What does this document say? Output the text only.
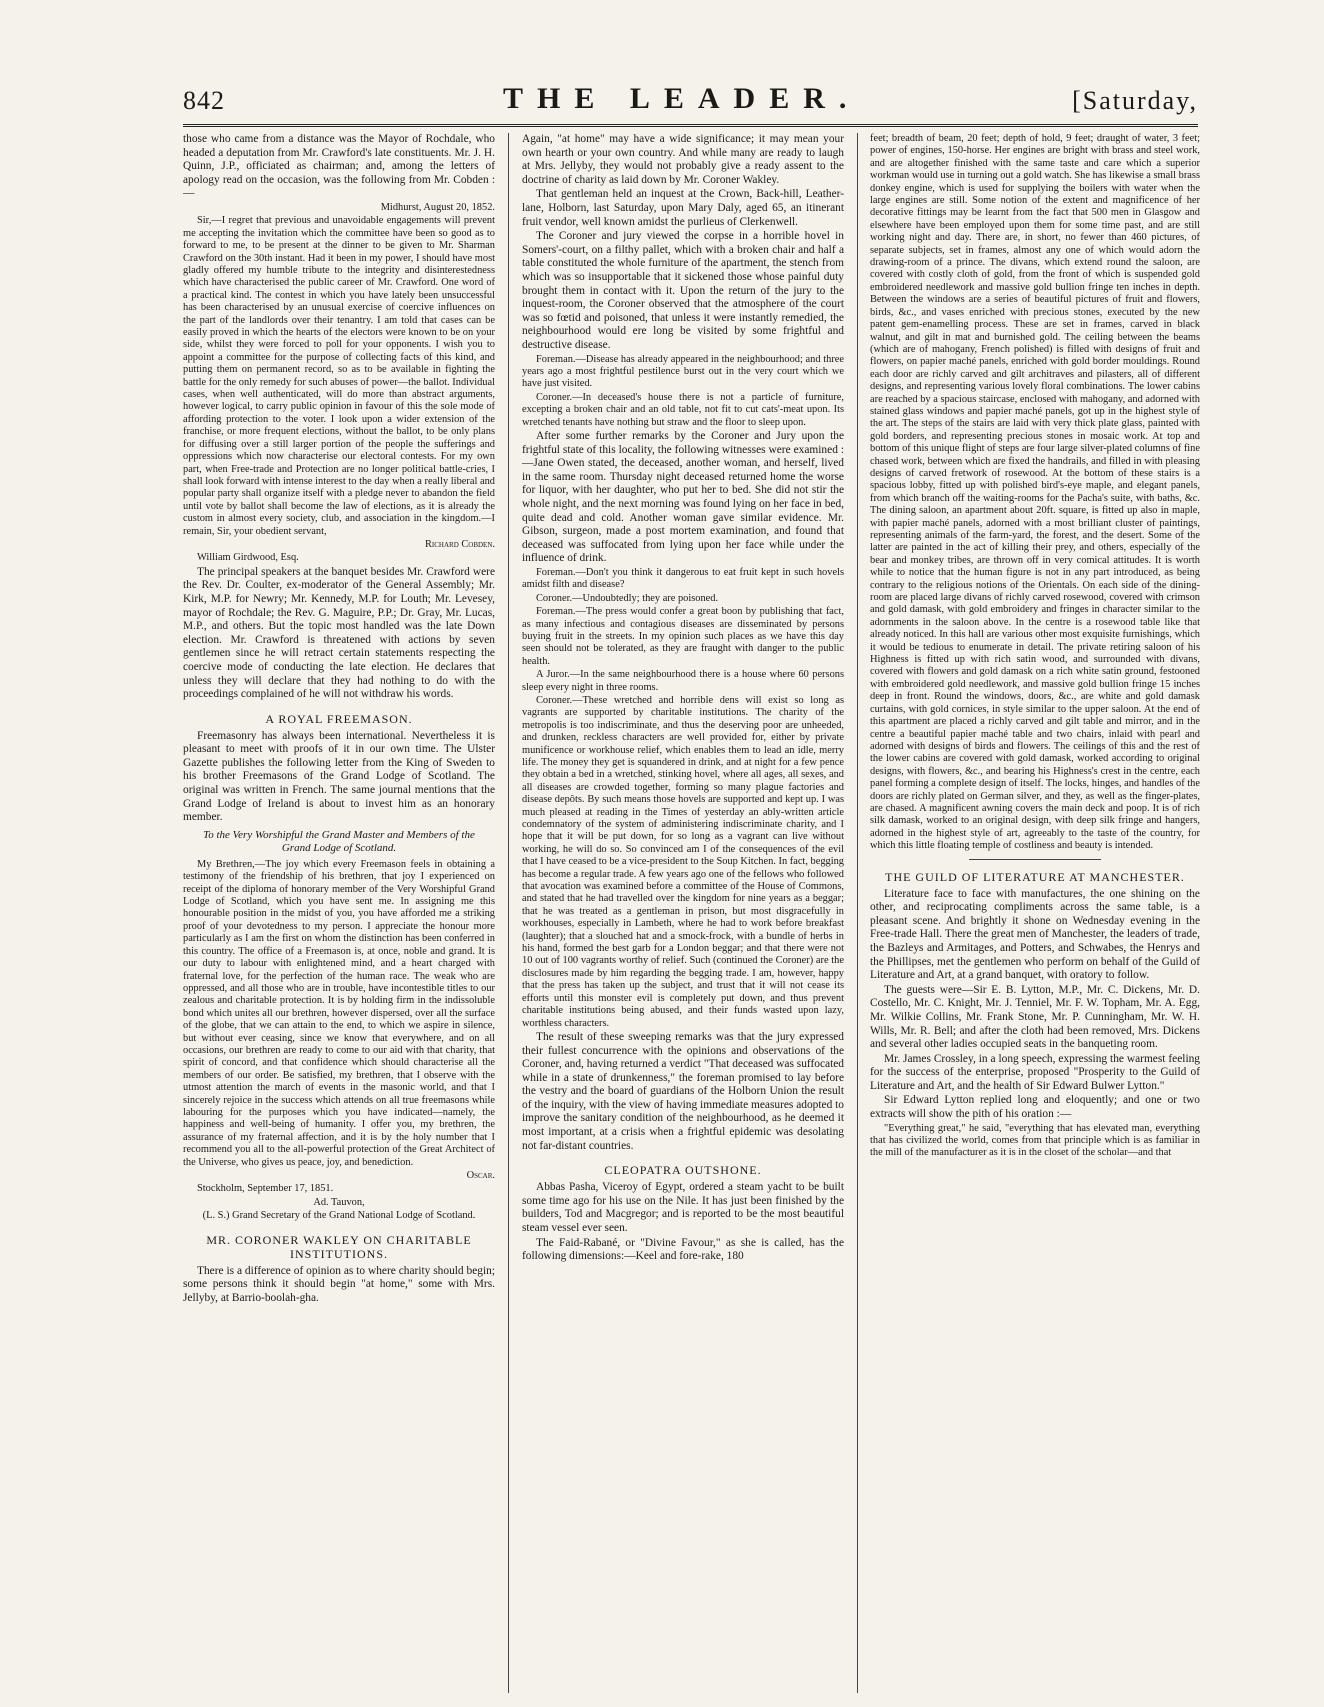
842	THE LEADER.	[Saturday,

those who came from a distance was the Mayor of Rochdale, who headed a deputation from Mr. Crawford's late constituents. Mr. J. H. Quinn, J.P., officiated as chairman; and, among the letters of apology read on the occasion, was the following from Mr. Cobden :—

Midhurst, August 20, 1852.

Sir,—I regret that previous and unavoidable engagements will prevent me accepting the invitation which the committee have been so good as to forward to me, to be present at the dinner to be given to Mr. Sharman Crawford on the 30th instant. Had it been in my power, I should have most gladly offered my humble tribute to the integrity and disinterestedness which have characterised the public career of Mr. Crawford. One word of a practical kind. The contest in which you have lately been unsuccessful has been characterised by an unusual exercise of coercive influences on the part of the landlords over their tenantry. I am told that cases can be easily proved in which the hearts of the electors were known to be on your side, whilst they were forced to poll for your opponents. I wish you to appoint a committee for the purpose of collecting facts of this kind, and putting them on permanent record, so as to be available in fighting the battle for the only remedy for such abuses of power—the ballot. Individual cases, when well authenticated, will do more than abstract arguments, however logical, to carry public opinion in favour of this the sole mode of affording protection to the voter. I look upon a wider extension of the franchise, or more frequent elections, without the ballot, to be only plans for diffusing over a still larger portion of the people the sufferings and oppressions which now characterise our electoral contests. For my own part, when Free-trade and Protection are no longer political battle-cries, I shall look forward with intense interest to the day when a really liberal and popular party shall organize itself with a pledge never to abandon the field until vote by ballot shall become the law of elections, as it is already the custom in almost every society, club, and association in the kingdom.—I remain, Sir, your obedient servant,

Richard Cobden.

William Girdwood, Esq.

The principal speakers at the banquet besides Mr. Crawford were the Rev. Dr. Coulter, ex-moderator of the General Assembly; Mr. Kirk, M.P. for Newry; Mr. Kennedy, M.P. for Louth; Mr. Levesey, mayor of Rochdale; the Rev. G. Maguire, P.P.; Dr. Gray, Mr. Lucas, M.P., and others. But the topic most handled was the late Down election. Mr. Crawford is threatened with actions by seven gentlemen since he will retract certain statements respecting the coercive mode of conducting the late election. He declares that unless they will declare that they had nothing to do with the proceedings complained of he will not withdraw his words.

A ROYAL FREEMASON.

Freemasonry has always been international. Nevertheless it is pleasant to meet with proofs of it in our own time. The Ulster Gazette publishes the following letter from the King of Sweden to his brother Freemasons of the Grand Lodge of Scotland. The original was written in French. The same journal mentions that the Grand Lodge of Ireland is about to invest him as an honorary member.

To the Very Worshipful the Grand Master and Members of the Grand Lodge of Scotland.

My Brethren,—The joy which every Freemason feels in obtaining a testimony of the friendship of his brethren, that joy I experienced on receipt of the diploma of honorary member of the Very Worshipful Grand Lodge of Scotland, which you have sent me. In assigning me this honourable position in the midst of you, you have afforded me a striking proof of your devotedness to my person. I appreciate the honour more particularly as I am the first on whom the distinction has been conferred in this country. The office of a Freemason is, at once, noble and grand. It is our duty to labour with enlightened mind, and a heart charged with fraternal love, for the perfection of the human race. The weak who are oppressed, and all those who are in trouble, have incontestible titles to our zealous and charitable protection. It is by holding firm in the indissoluble bond which unites all our brethren, however dispersed, over all the surface of the globe, that we can attain to the end, to which we aspire in silence, but without ever ceasing, since we know that everywhere, and on all occasions, our brethren are ready to come to our aid with that charity, that spirit of concord, and that confidence which should characterise all the members of our order. Be satisfied, my brethren, that I observe with the utmost attention the march of events in the masonic world, and that I sincerely rejoice in the success which attends on all true freemasons while labouring for the purposes which you have indicated—namely, the happiness and well-being of humanity. I offer you, my brethren, the assurance of my fraternal affection, and it is by the holy number that I recommend you all to the all-powerful protection of the Great Architect of the Universe, who gives us peace, joy, and benediction.

Oscar.

Stockholm, September 17, 1851.

Ad. Tauvon,

(L. S.) Grand Secretary of the Grand National Lodge of Scotland.

MR. CORONER WAKLEY ON CHARITABLE INSTITUTIONS.

There is a difference of opinion as to where charity should begin; some persons think it should begin "at home," some with Mrs. Jellyby, at Barrio-boolah-gha.

Again, "at home" may have a wide significance; it may mean your own hearth or your own country. And while many are ready to laugh at Mrs. Jellyby, they would not probably give a ready assent to the doctrine of charity as laid down by Mr. Coroner Wakley.

That gentleman held an inquest at the Crown, Back-hill, Leather-lane, Holborn, last Saturday, upon Mary Daly, aged 65, an itinerant fruit vendor, well known amidst the purlieus of Clerkenwell.

The Coroner and jury viewed the corpse in a horrible hovel in Somers'-court, on a filthy pallet, which with a broken chair and half a table constituted the whole furniture of the apartment, the stench from which was so insupportable that it sickened those whose painful duty brought them in contact with it. Upon the return of the jury to the inquest-room, the Coroner observed that the atmosphere of the court was so fœtid and poisoned, that unless it were instantly remedied, the neighbourhood would ere long be visited by some frightful and destructive disease.

Foreman.—Disease has already appeared in the neighbourhood; and three years ago a most frightful pestilence burst out in the very court which we have just visited.

Coroner.—In deceased's house there is not a particle of furniture, excepting a broken chair and an old table, not fit to cut cats'-meat upon. Its wretched tenants have nothing but straw and the floor to sleep upon.

After some further remarks by the Coroner and Jury upon the frightful state of this locality, the following witnesses were examined :—Jane Owen stated, the deceased, another woman, and herself, lived in the same room. Thursday night deceased returned home the worse for liquor, with her daughter, who put her to bed. She did not stir the whole night, and the next morning was found lying on her face in bed, quite dead and cold. Another woman gave similar evidence. Mr. Gibson, surgeon, made a post mortem examination, and found that deceased was suffocated from lying upon her face while under the influence of drink.

Foreman.—Don't you think it dangerous to eat fruit kept in such hovels amidst filth and disease?

Coroner.—Undoubtedly; they are poisoned.

Foreman.—The press would confer a great boon by publishing that fact, as many infectious and contagious diseases are disseminated by persons buying fruit in the streets. In my opinion such places as we have this day seen should not be tolerated, as they are fraught with danger to the public health.

A Juror.—In the same neighbourhood there is a house where 60 persons sleep every night in three rooms.

Coroner.—These wretched and horrible dens will exist so long as vagrants are supported by charitable institutions. The charity of the metropolis is too indiscriminate, and thus the deserving poor are unheeded, and drunken, reckless characters are well provided for, either by private munificence or workhouse relief, which enables them to lead an idle, merry life. The money they get is squandered in drink, and at night for a few pence they obtain a bed in a wretched, stinking hovel, where all ages, all sexes, and all diseases are crowded together, forming so many plague factories and disease depôts. By such means those hovels are supported and kept up. I was much pleased at reading in the Times of yesterday an ably-written article condemnatory of the system of administering indiscriminate charity, and I hope that it will be put down, for so long as a vagrant can live without working, he will do so. So convinced am I of the consequences of the evil that I have ceased to be a vice-president to the Soup Kitchen. In fact, begging has become a regular trade. A few years ago one of the fellows who followed that avocation was examined before a committee of the House of Commons, and stated that he had travelled over the kingdom for nine years as a beggar; that he was treated as a gentleman in prison, but most disgracefully in workhouses, especially in Lambeth, where he had to work before breakfast (laughter); that a slouched hat and a smock-frock, with a bundle of herbs in his hand, formed the best garb for a London beggar; and that there were not 10 out of 100 vagrants worthy of relief. Such (continued the Coroner) are the disclosures made by him regarding the begging trade. I am, however, happy that the press has taken up the subject, and trust that it will not cease its efforts until this monster evil is completely put down, and thus prevent charitable institutions being abused, and their funds wasted upon lazy, worthless characters.

The result of these sweeping remarks was that the jury expressed their fullest concurrence with the opinions and observations of the Coroner, and, having returned a verdict "That deceased was suffocated while in a state of drunkenness," the foreman promised to lay before the vestry and the board of guardians of the Holborn Union the result of the inquiry, with the view of having immediate measures adopted to improve the sanitary condition of the neighbourhood, as he deemed it most important, at a crisis when a frightful epidemic was desolating not far-distant countries.

CLEOPATRA OUTSHONE.

Abbas Pasha, Viceroy of Egypt, ordered a steam yacht to be built some time ago for his use on the Nile. It has just been finished by the builders, Tod and Macgregor; and is reported to be the most beautiful steam vessel ever seen.

The Faid-Rabané, or "Divine Favour," as she is called, has the following dimensions:—Keel and fore-rake, 180

feet; breadth of beam, 20 feet; depth of hold, 9 feet; draught of water, 3 feet; power of engines, 150-horse. Her engines are bright with brass and steel work, and are altogether finished with the same taste and care which a superior workman would use in turning out a gold watch. She has likewise a small brass donkey engine, which is used for supplying the boilers with water when the large engines are still. Some notion of the extent and magnificence of her decorative fittings may be learnt from the fact that 500 men in Glasgow and elsewhere have been employed upon them for some time past, and are still working night and day. There are, in short, no fewer than 460 pictures, of separate subjects, set in frames, almost any one of which would adorn the drawing-room of a prince. The divans, which extend round the saloon, are covered with costly cloth of gold, from the front of which is suspended gold embroidered needlework and massive gold bullion fringe ten inches in depth. Between the windows are a series of beautiful pictures of fruit and flowers, birds, &c., and vases enriched with precious stones, executed by the new patent gem-enamelling process. These are set in frames, carved in black walnut, and gilt in mat and burnished gold. The ceiling between the beams (which are of mahogany, French polished) is filled with designs of fruit and flowers, on papier maché panels, enriched with gold border mouldings. Round each door are richly carved and gilt architraves and pilasters, all of different designs, and representing various lovely floral combinations. The lower cabins are reached by a spacious staircase, enclosed with mahogany, and adorned with stained glass windows and papier maché panels, got up in the highest style of the art. The steps of the stairs are laid with very thick plate glass, painted with gold borders, and representing precious stones in mosaic work. At top and bottom of this unique flight of steps are four large silver-plated columns of fine chased work, between which are fixed the handrails, and filled in with pleasing designs of carved fretwork of rosewood. At the bottom of these stairs is a spacious lobby, fitted up with polished bird's-eye maple, and elegant panels, from which branch off the waiting-rooms for the Pacha's suite, with baths, &c. The dining saloon, an apartment about 20ft. square, is fitted up also in maple, with papier maché panels, adorned with a most brilliant cluster of paintings, representing animals of the farm-yard, the forest, and the desert. Some of the latter are painted in the act of killing their prey, and others, especially of the bear and monkey tribes, are thrown off in very comical attitudes. It is worth while to notice that the human figure is not in any part introduced, as being contrary to the religious notions of the Orientals. On each side of the dining-room are placed large divans of richly carved rosewood, covered with crimson and gold damask, with gold embroidery and fringes in character similar to the adornments in the saloon above. In the centre is a rosewood table like that already noticed. In this hall are various other most exquisite furnishings, which it would be tedious to enumerate in detail. The private retiring saloon of his Highness is fitted up with rich satin wood, and surrounded with divans, covered with flowers and gold damask on a rich white satin ground, festooned with embroidered gold needlework, and massive gold bullion fringe 15 inches deep in front. Round the windows, doors, &c., are white and gold damask curtains, with gold cornices, in style similar to the upper saloon. At the end of this apartment are placed a richly carved and gilt table and mirror, and in the centre a beautiful papier maché table and two chairs, inlaid with pearl and adorned with designs of birds and flowers. The ceilings of this and the rest of the lower cabins are covered with gold damask, worked according to original designs, with flowers, &c., and bearing his Highness's crest in the centre, each panel forming a complete design of itself. The locks, hinges, and handles of the doors are richly plated on German silver, and they, as well as the finger-plates, are chased. A magnificent awning covers the main deck and poop. It is of rich silk damask, worked to an original design, with deep silk fringe and hangers, adorned in the highest style of art, agreeably to the taste of the country, for which this little floating temple of costliness and beauty is intended.

THE GUILD OF LITERATURE AT MANCHESTER.

Literature face to face with manufactures, the one shining on the other, and reciprocating compliments across the same table, is a pleasant scene. And brightly it shone on Wednesday evening in the Free-trade Hall. There the great men of Manchester, the leaders of trade, the Bazleys and Armitages, and Potters, and Schwabes, the Henrys and the Phillipses, met the gentlemen who perform on behalf of the Guild of Literature and Art, at a grand banquet, with oratory to follow.

The guests were—Sir E. B. Lytton, M.P., Mr. C. Dickens, Mr. D. Costello, Mr. C. Knight, Mr. J. Tenniel, Mr. F. W. Topham, Mr. A. Egg, Mr. Wilkie Collins, Mr. Frank Stone, Mr. P. Cunningham, Mr. W. H. Wills, Mr. R. Bell; and after the cloth had been removed, Mrs. Dickens and several other ladies occupied seats in the banqueting room.

Mr. James Crossley, in a long speech, expressing the warmest feeling for the success of the enterprise, proposed "Prosperity to the Guild of Literature and Art, and the health of Sir Edward Bulwer Lytton."

Sir Edward Lytton replied long and eloquently; and one or two extracts will show the pith of his oration :—

"Everything great," he said, "everything that has elevated man, everything that has civilized the world, comes from that principle which is as familiar in the mill of the manufacturer as it is in the closet of the scholar—and that
